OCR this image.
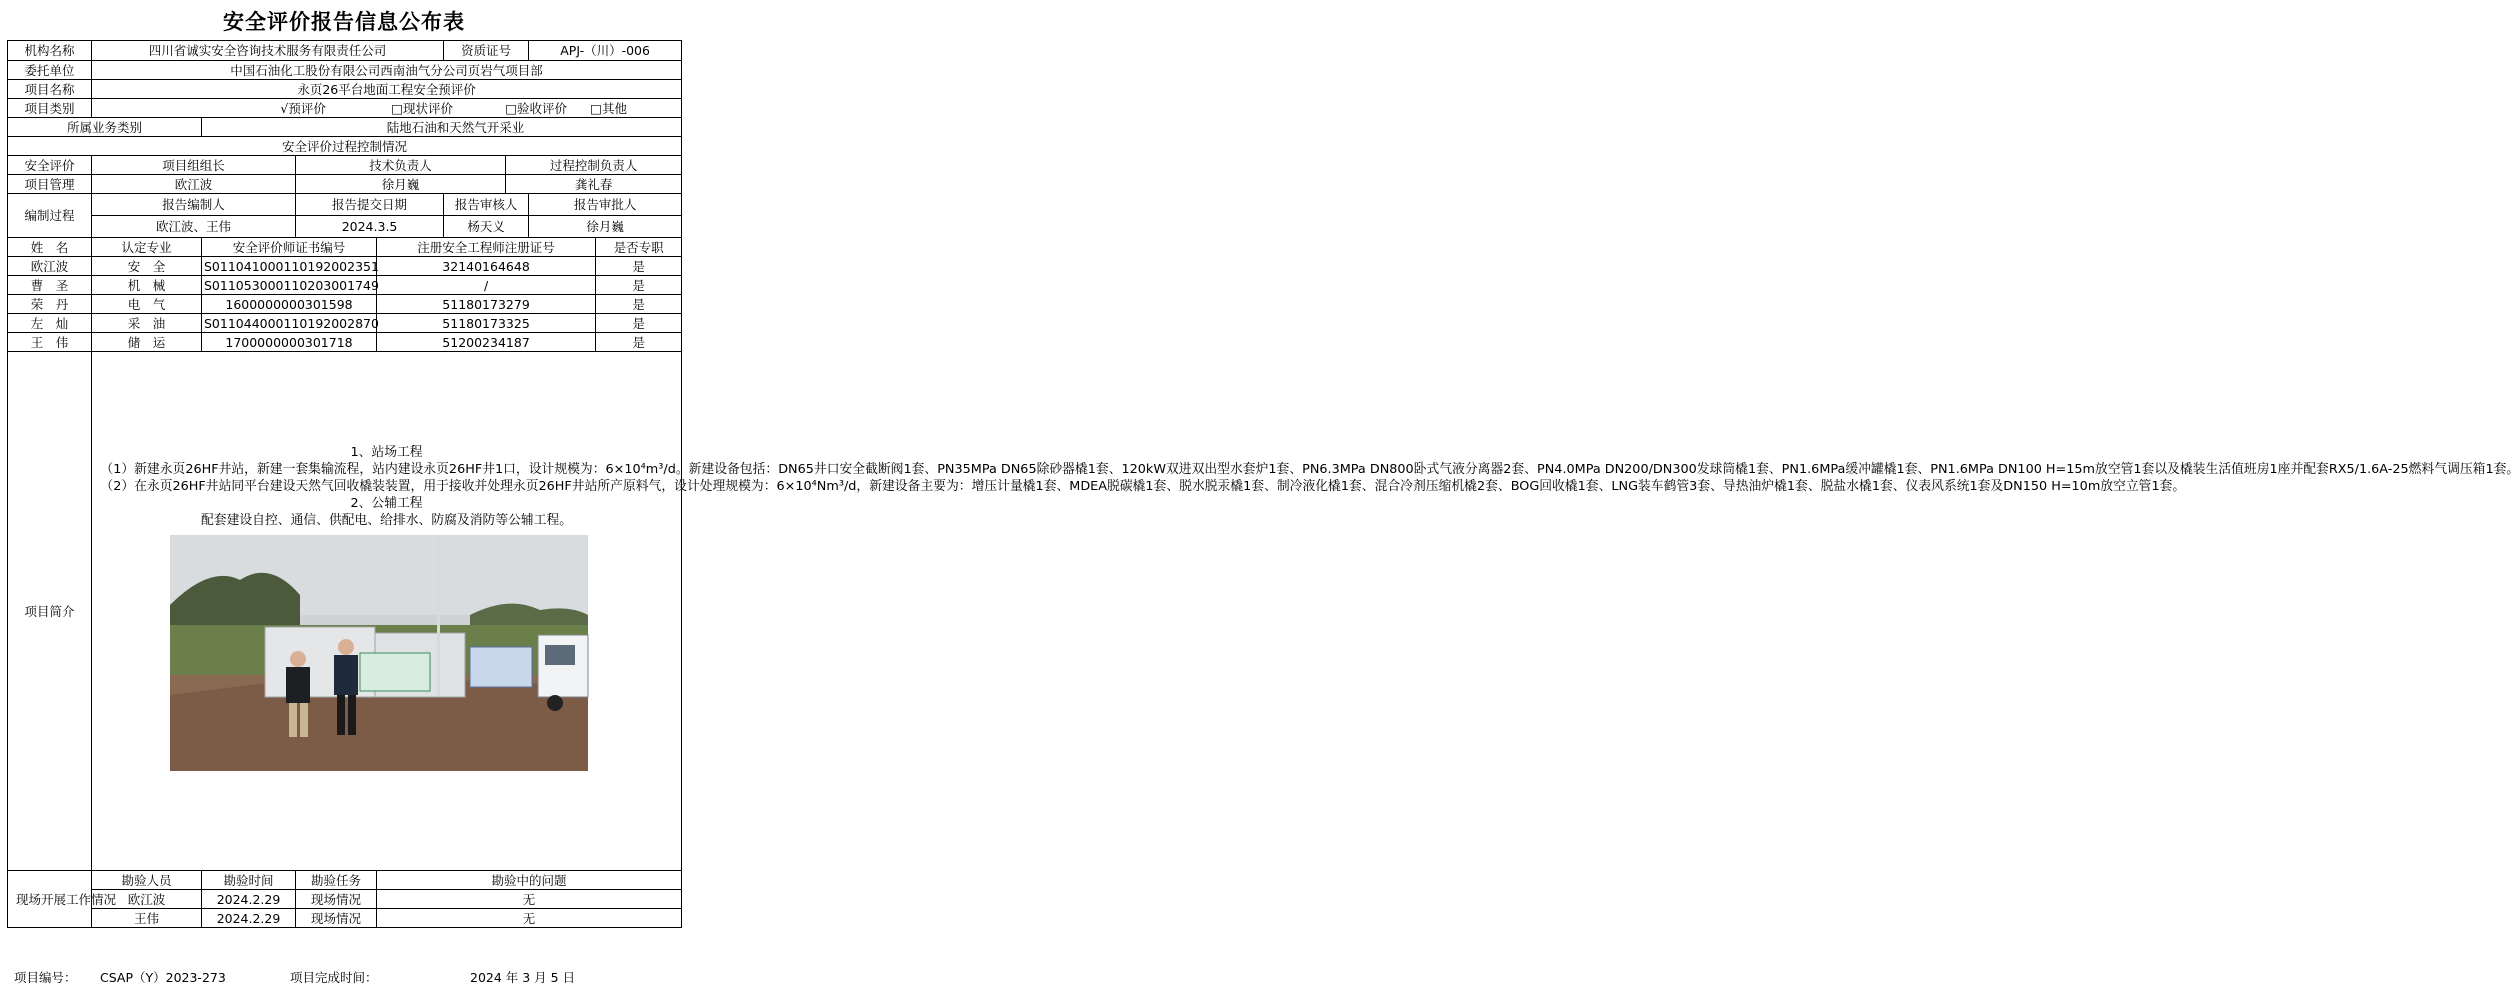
安全评价报告信息公布表
机构名称	四川省诚实安全咨询技术服务有限责任公司				资质证号		APJ-（川）-006	
委托单位	中国石油化工股份有限公司西南油气分公司页岩气项目部							
项目名称	永页26平台地面工程安全预评价							
项目类别	√预评价 □现状评价 □验收评价 □其他							
所属业务类别		陆地石油和天然气开采业						
安全评价过程控制情况								
安全评价	项目组组长		技术负责人			过程控制负责人		
项目管理	欧江波		徐月巍			龚礼春		
编制过程	报告编制人		报告提交日期		报告审核人		报告审批人	
	欧江波、王伟		2024.3.5		杨天义		徐月巍	
姓　名	认定专业	安全评价师证书编号		注册安全工程师注册证号				是否专职
欧江波	安　全	S011041000110192002351		32140164648				是
曹　圣	机　械	S011053000110203001749		/				是
荣　丹	电　气	1600000000301598		51180173279				是
左　灿	采　油	S011044000110192002870		51180173325				是
王　伟	储　运	1700000000301718		51200234187				是
项目简介	1、站场工程

（1）新建永页26HF井站，新建一套集输流程，站内建设永页26HF井1口，设计规模为：6×10⁴m³/d。新建设备包括：DN65井口安全截断阀1套、PN35MPa DN65除砂器橇1套、120kW双进双出型水套炉1套、PN6.3MPa DN800卧式气液分离器2套、PN4.0MPa DN200/DN300发球筒橇1套、PN1.6MPa缓冲罐橇1套、PN1.6MPa DN100 H=15m放空管1套以及橇装生活值班房1座并配套RX5/1.6A-25燃料气调压箱1套。

（2）在永页26HF井站同平台建设天然气回收橇装装置，用于接收并处理永页26HF井站所产原料气，设计处理规模为：6×10⁴Nm³/d，新建设备主要为：增压计量橇1套、MDEA脱碳橇1套、脱水脱汞橇1套、制冷液化橇1套、混合冷剂压缩机橇2套、BOG回收橇1套、LNG装车鹤管3套、导热油炉橇1套、脱盐水橇1套、仪表风系统1套及DN150 H=10m放空立管1套。

2、公辅工程

配套建设自控、通信、供配电、给排水、防腐及消防等公辅工程。							

现场开展工作情况	勘验人员	勘验时间	勘验任务	勘验中的问题				
	欧江波	2024.2.29	现场情况	无				
	王伟	2024.2.29	现场情况	无				
项目编号： CSAP（Y）2023-273	项目完成时间：	2024 年 3 月 5 日
